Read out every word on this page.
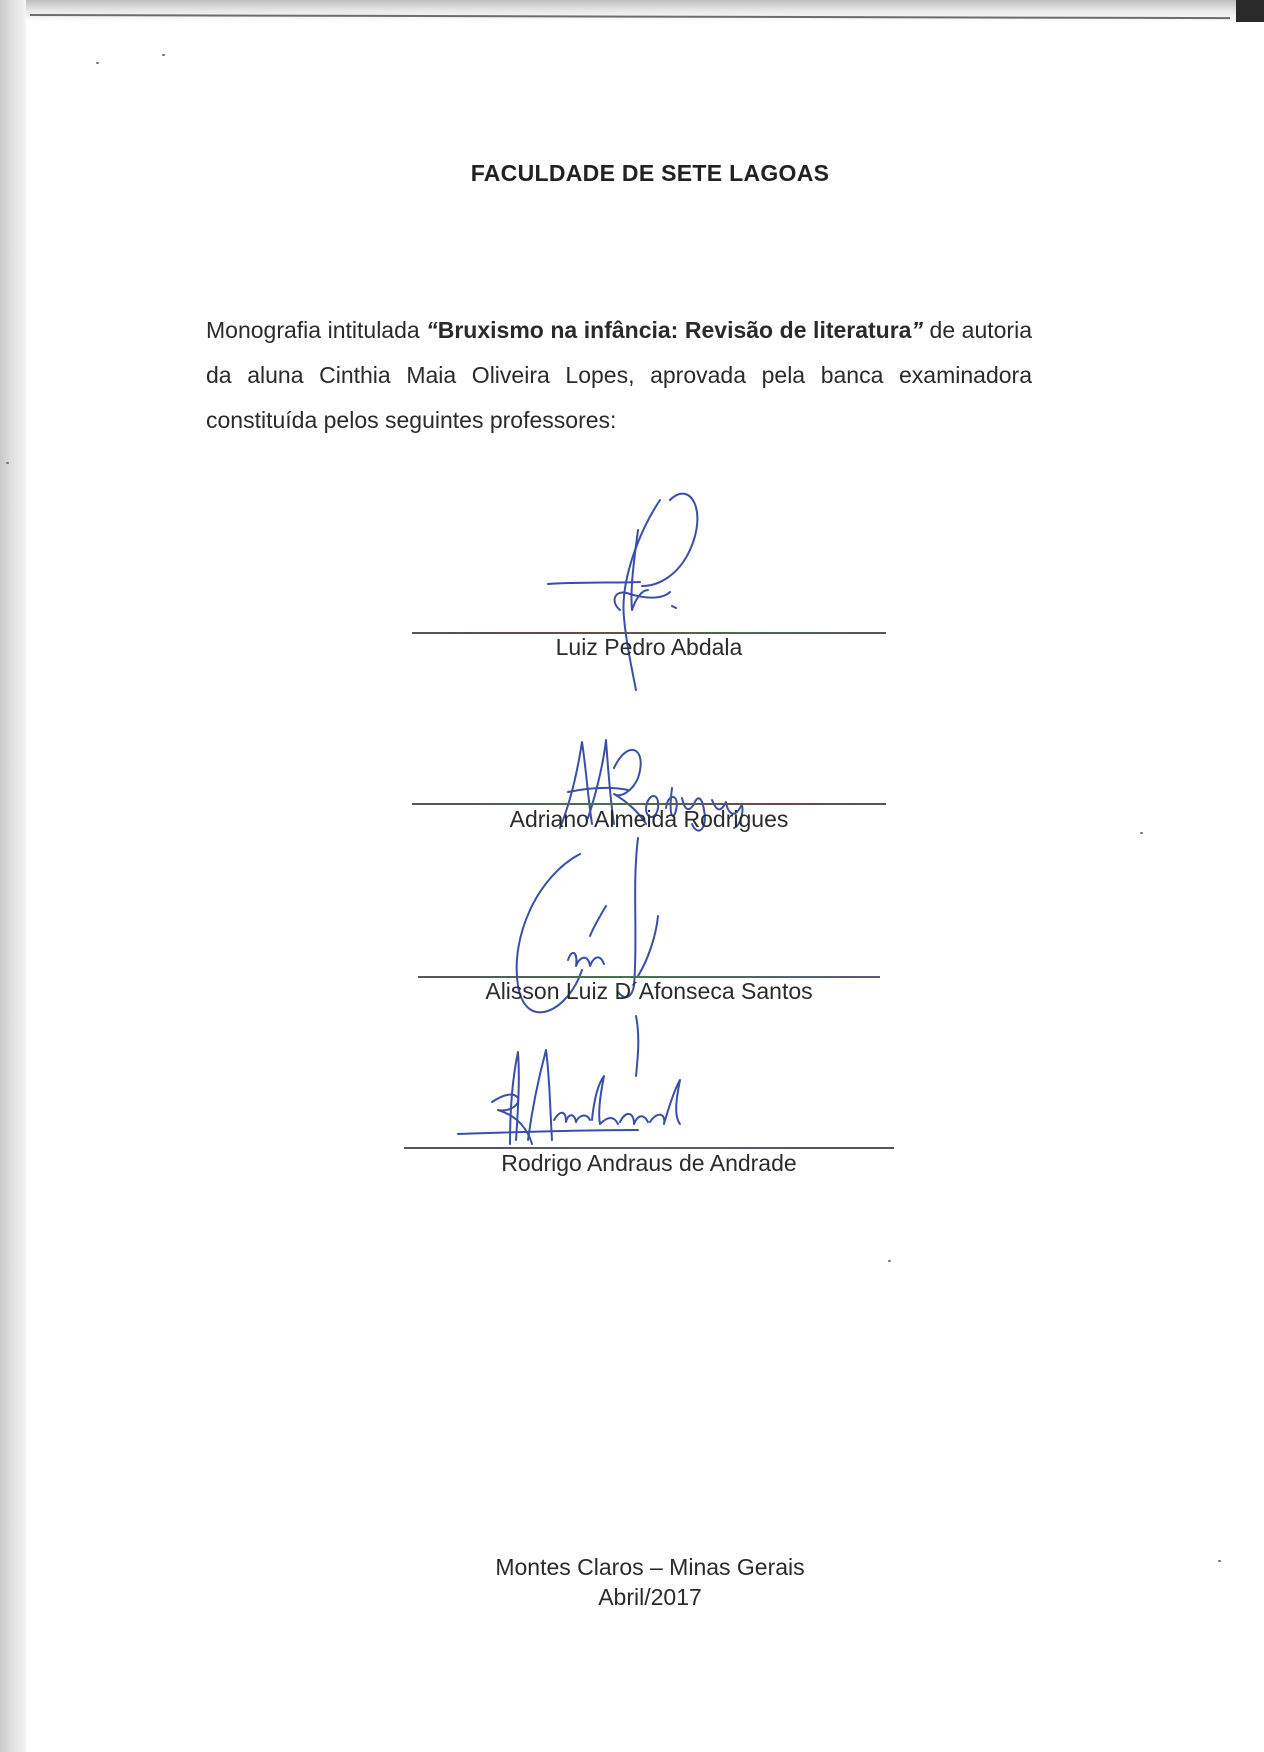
FACULDADE DE SETE LAGOAS

Monografia intitulada “Bruxismo na infância: Revisão de literatura” de autoria da aluna Cinthia Maia Oliveira Lopes, aprovada pela banca examinadora constituída pelos seguintes professores:

Luiz Pedro Abdala
Adriano Almeida Rodrigues
Alisson Luiz D´Afonseca Santos
Rodrigo Andraus de Andrade
Montes Claros – Minas Gerais
Abril/2017
